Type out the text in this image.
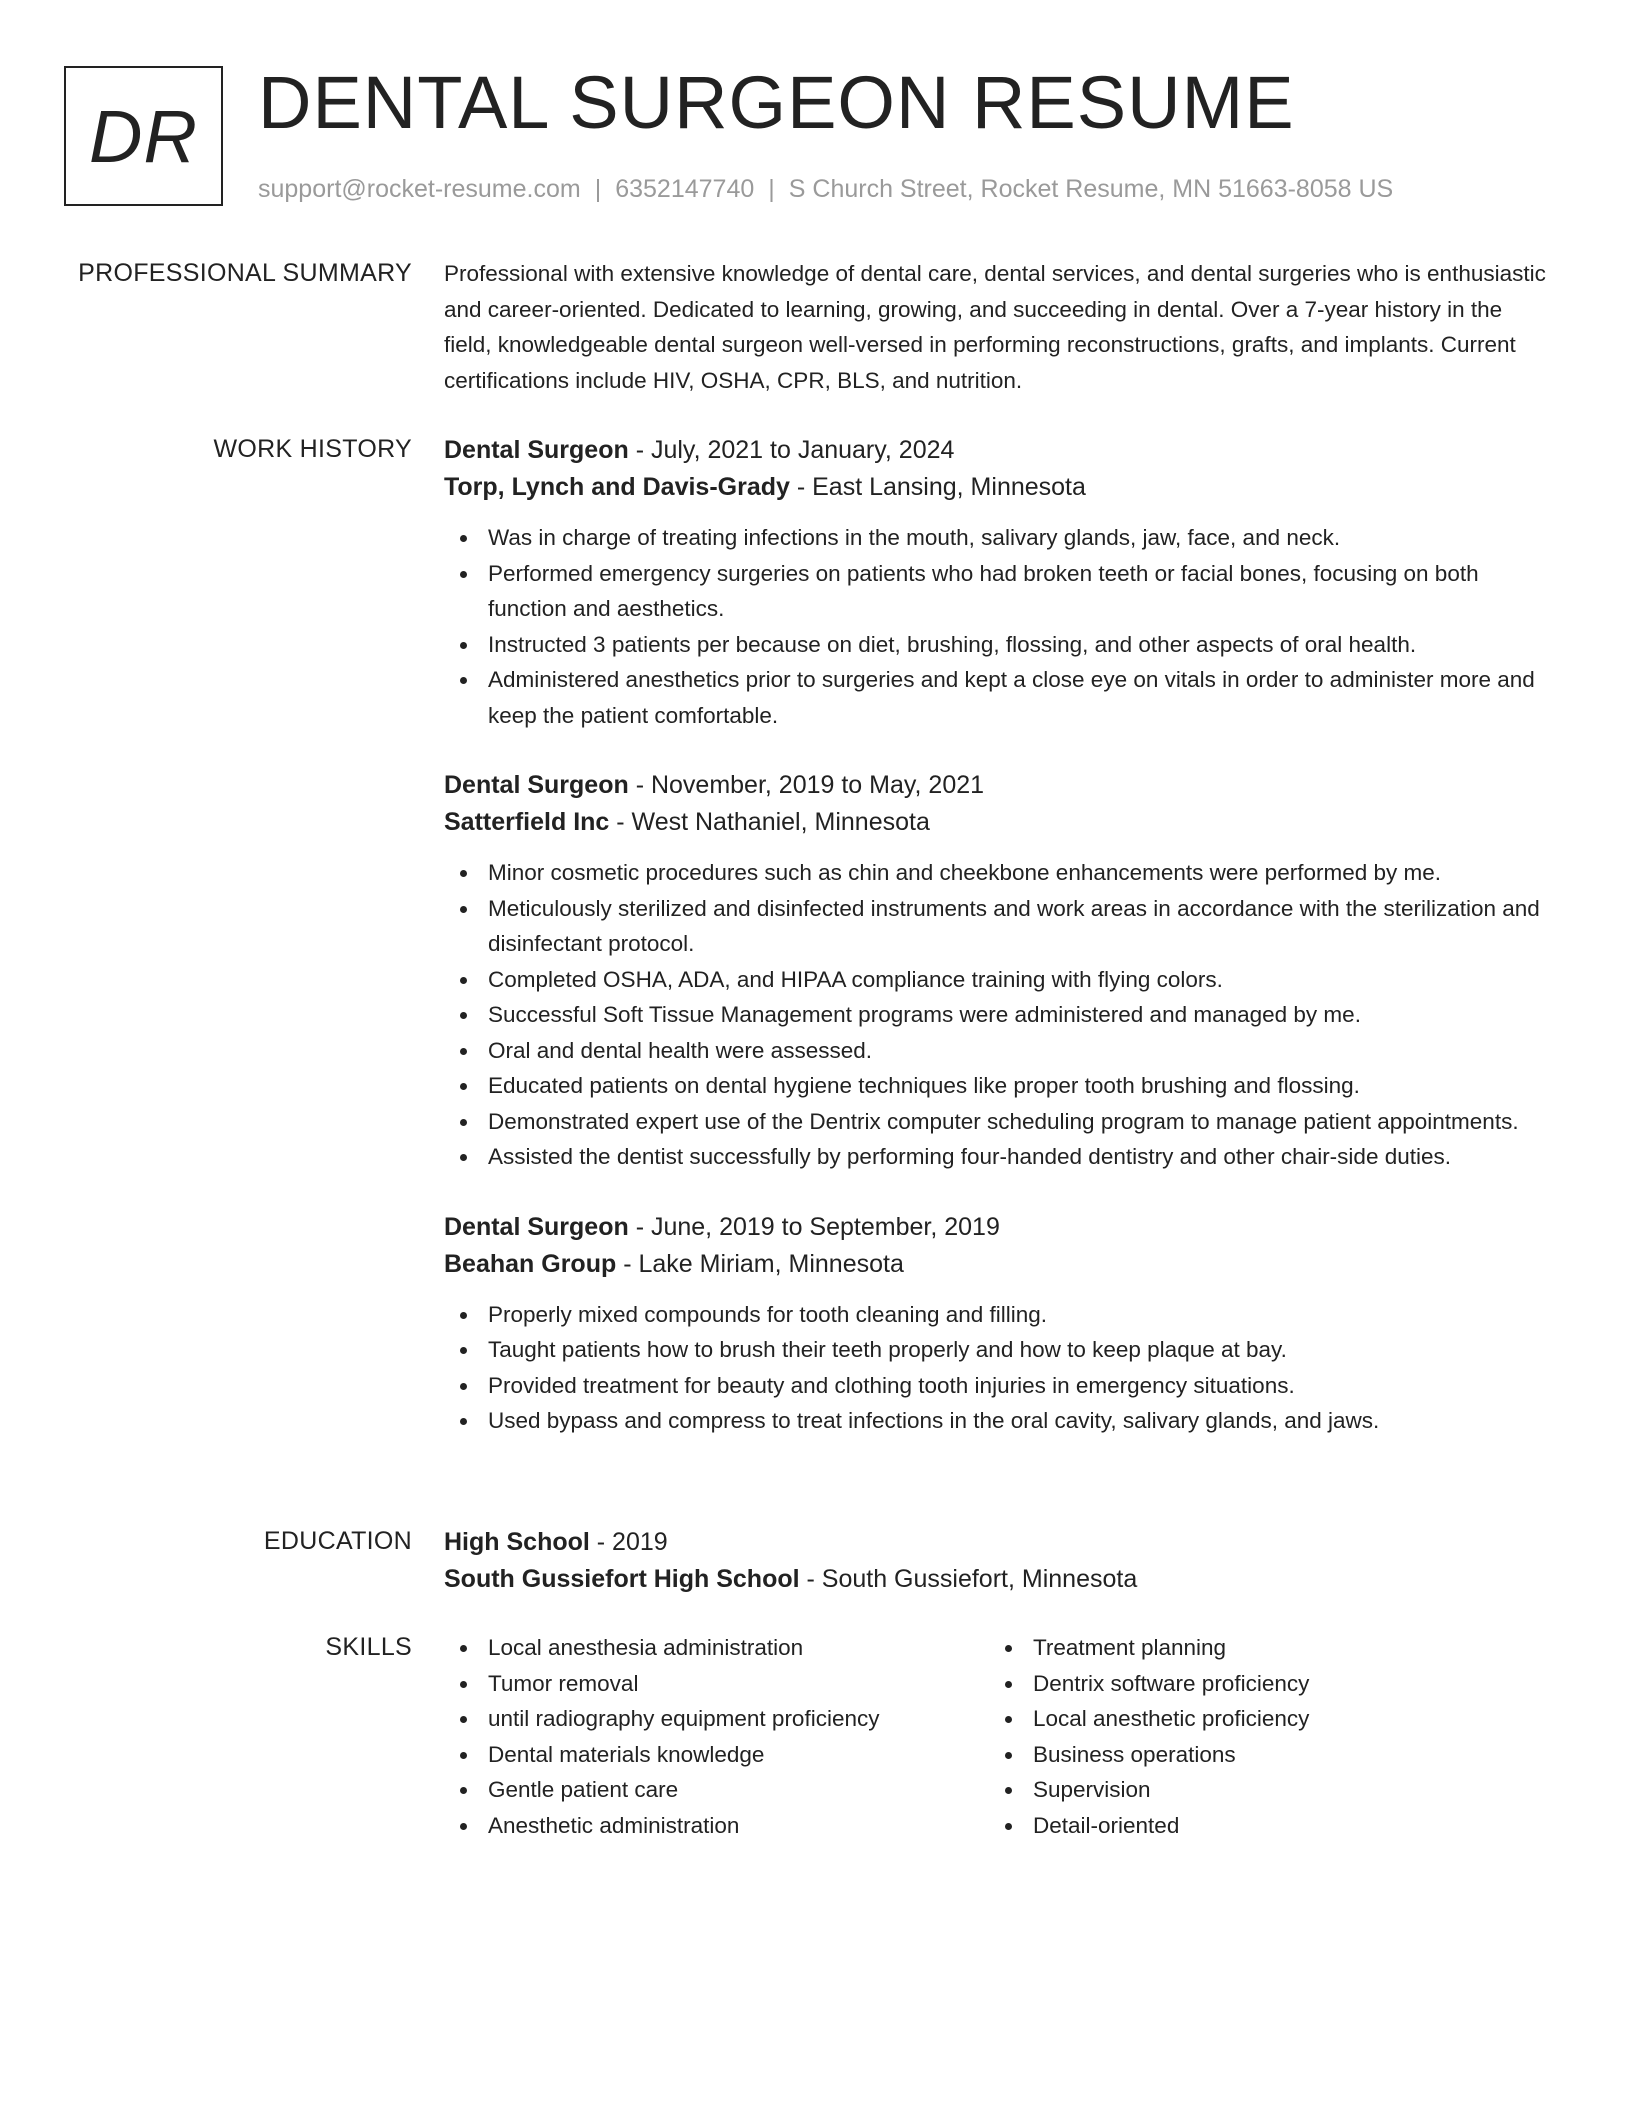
DR DENTAL SURGEON RESUME
support@rocket-resume.com | 6352147740 | S Church Street, Rocket Resume, MN 51663-8058 US
PROFESSIONAL SUMMARY Professional with extensive knowledge of dental care, dental services, and dental surgeries who is enthusiastic and career-oriented. Dedicated to learning, growing, and succeeding in dental. Over a 7-year history in the field, knowledgeable dental surgeon well-versed in performing reconstructions, grafts, and implants. Current certifications include HIV, OSHA, CPR, BLS, and nutrition.

WORK HISTORY Dental Surgeon - July, 2021 to January, 2024
Torp, Lynch and Davis-Grady - East Lansing, Minnesota
Was in charge of treating infections in the mouth, salivary glands, jaw, face, and neck.
Performed emergency surgeries on patients who had broken teeth or facial bones, focusing on both function and aesthetics.
Instructed 3 patients per because on diet, brushing, flossing, and other aspects of oral health.
Administered anesthetics prior to surgeries and kept a close eye on vitals in order to administer more and keep the patient comfortable.
Dental Surgeon - November, 2019 to May, 2021
Satterfield Inc - West Nathaniel, Minnesota
Minor cosmetic procedures such as chin and cheekbone enhancements were performed by me.
Meticulously sterilized and disinfected instruments and work areas in accordance with the sterilization and disinfectant protocol.
Completed OSHA, ADA, and HIPAA compliance training with flying colors.
Successful Soft Tissue Management programs were administered and managed by me.
Oral and dental health were assessed.
Educated patients on dental hygiene techniques like proper tooth brushing and flossing.
Demonstrated expert use of the Dentrix computer scheduling program to manage patient appointments.
Assisted the dentist successfully by performing four-handed dentistry and other chair-side duties.
Dental Surgeon - June, 2019 to September, 2019
Beahan Group - Lake Miriam, Minnesota
Properly mixed compounds for tooth cleaning and filling.
Taught patients how to brush their teeth properly and how to keep plaque at bay.
Provided treatment for beauty and clothing tooth injuries in emergency situations.
Used bypass and compress to treat infections in the oral cavity, salivary glands, and jaws.
EDUCATION High School - 2019
South Gussiefort High School - South Gussiefort, Minnesota
SKILLS	Local anesthesia administration
Tumor removal
until radiography equipment proficiency
Dental materials knowledge
Gentle patient care
Anesthetic administration
Treatment planning
Dentrix software proficiency
Local anesthetic proficiency
Business operations
Supervision
Detail-oriented
